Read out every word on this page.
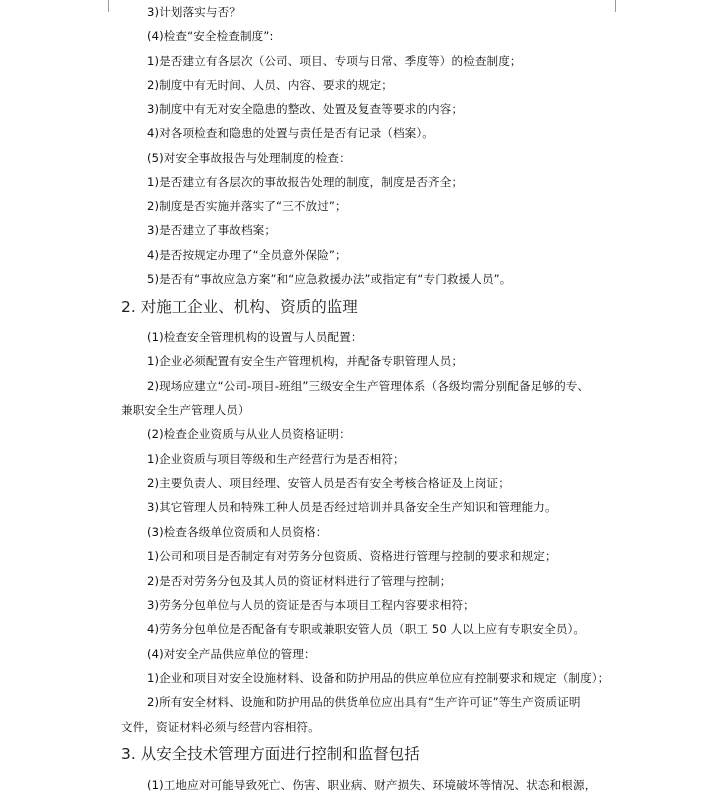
3)计划落实与否？
(4)检查“安全检查制度”:
1)是否建立有各层次（公司、项目、专项与日常、季度等）的检查制度；
2)制度中有无时间、人员、内容、要求的规定；
3)制度中有无对安全隐患的整改、处置及复查等要求的内容；
4)对各项检查和隐患的处置与责任是否有记录（档案）。
(5)对安全事故报告与处理制度的检查：
1)是否建立有各层次的事故报告处理的制度，制度是否齐全；
2)制度是否实施并落实了“三不放过”；
3)是否建立了事故档案；
4)是否按规定办理了“全员意外保险”；
5)是否有“事故应急方案”和“应急救援办法”或指定有“专门救援人员”。
2. 对施工企业、机构、资质的监理
(1)检查安全管理机构的设置与人员配置：
1)企业必须配置有安全生产管理机构，并配备专职管理人员；
2)现场应建立“公司-项目-班组”三级安全生产管理体系（各级均需分别配备足够的专、
兼职安全生产管理人员）
(2)检查企业资质与从业人员资格证明：
1)企业资质与项目等级和生产经营行为是否相符；
2)主要负责人、项目经理、安管人员是否有安全考核合格证及上岗证；
3)其它管理人员和特殊工种人员是否经过培训并具备安全生产知识和管理能力。
(3)检查各级单位资质和人员资格：
1)公司和项目是否制定有对劳务分包资质、资格进行管理与控制的要求和规定；
2)是否对劳务分包及其人员的资证材料进行了管理与控制；
3)劳务分包单位与人员的资证是否与本项目工程内容要求相符；
4)劳务分包单位是否配备有专职或兼职安管人员（职工 50 人以上应有专职安全员）。
(4)对安全产品供应单位的管理：
1)企业和项目对安全设施材料、设备和防护用品的供应单位应有控制要求和规定（制度）；
2)所有安全材料、设施和防护用品的供货单位应出具有“生产许可证”等生产资质证明
文件，资证材料必须与经营内容相符。
3. 从安全技术管理方面进行控制和监督包括
(1)工地应对可能导致死亡、伤害、职业病、财产损失、环境破坏等情况、状态和根源，
